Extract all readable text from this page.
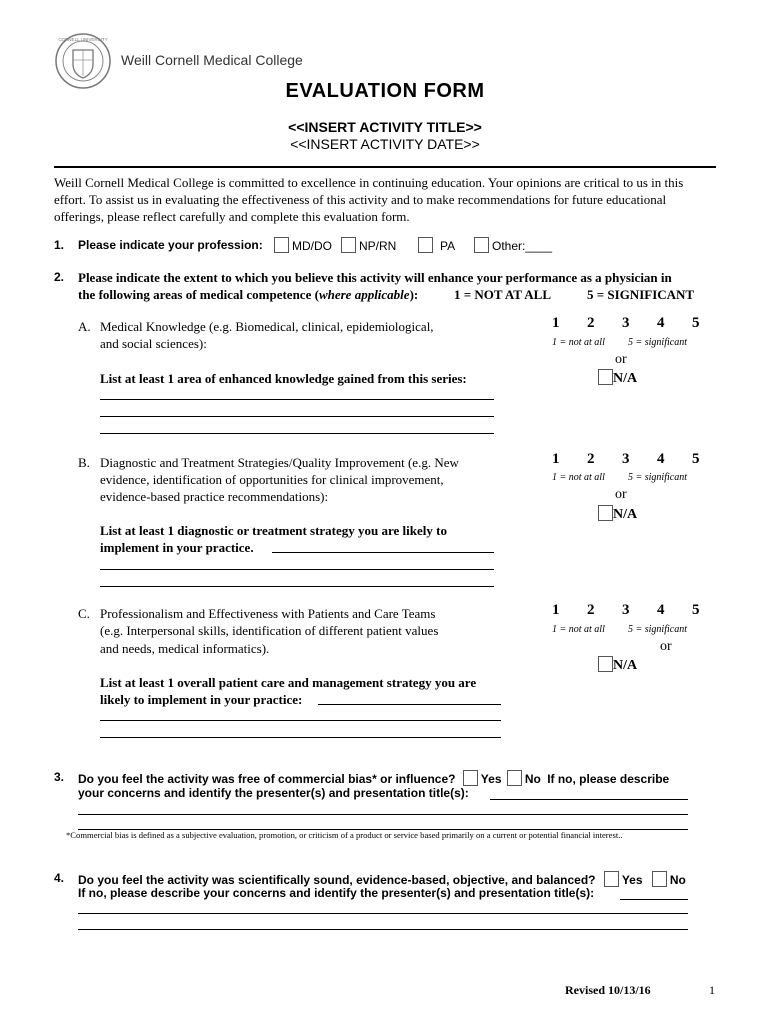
CORNELL UNIVERSITY
Weill Cornell Medical College
EVALUATION FORM
<<INSERT ACTIVITY TITLE>>
<<INSERT ACTIVITY DATE>>
Weill Cornell Medical College is committed to excellence in continuing education. Your opinions are critical to us in this effort. To assist us in evaluating the effectiveness of this activity and to make recommendations for future educational offerings, please reflect carefully and complete this evaluation form.
1. Please indicate your profession:	MD/DO	NP/RN	PA	Other:____
2. Please indicate the extent to which you believe this activity will enhance your performance as a physician in
the following areas of medical competence (where applicable):	1 = NOT AT ALL	5 = SIGNIFICANT
A. Medical Knowledge (e.g. Biomedical, clinical, epidemiological,
and social sciences):
1 2 3 4 5
1 = not at all 5 = significant
or
N/A
List at least 1 area of enhanced knowledge gained from this series:
B. Diagnostic and Treatment Strategies/Quality Improvement (e.g. New
evidence, identification of opportunities for clinical improvement,
evidence-based practice recommendations):
1 2 3 4 5
1 = not at all 5 = significant
or
N/A
List at least 1 diagnostic or treatment strategy you are likely to
implement in your practice.
C. Professionalism and Effectiveness with Patients and Care Teams
(e.g. Interpersonal skills, identification of different patient values
and needs, medical informatics).
1 2 3 4 5
1 = not at all 5 = significant
or
N/A
List at least 1 overall patient care and management strategy you are
likely to implement in your practice:
3. Do you feel the activity was free of commercial bias* or influence? Yes No If no, please describe
your concerns and identify the presenter(s) and presentation title(s):
*Commercial bias is defined as a subjective evaluation, promotion, or criticism of a product or service based primarily on a current or potential financial interest..
4. Do you feel the activity was scientifically sound, evidence-based, objective, and balanced? Yes No
If no, please describe your concerns and identify the presenter(s) and presentation title(s):
Revised 10/13/16	1
